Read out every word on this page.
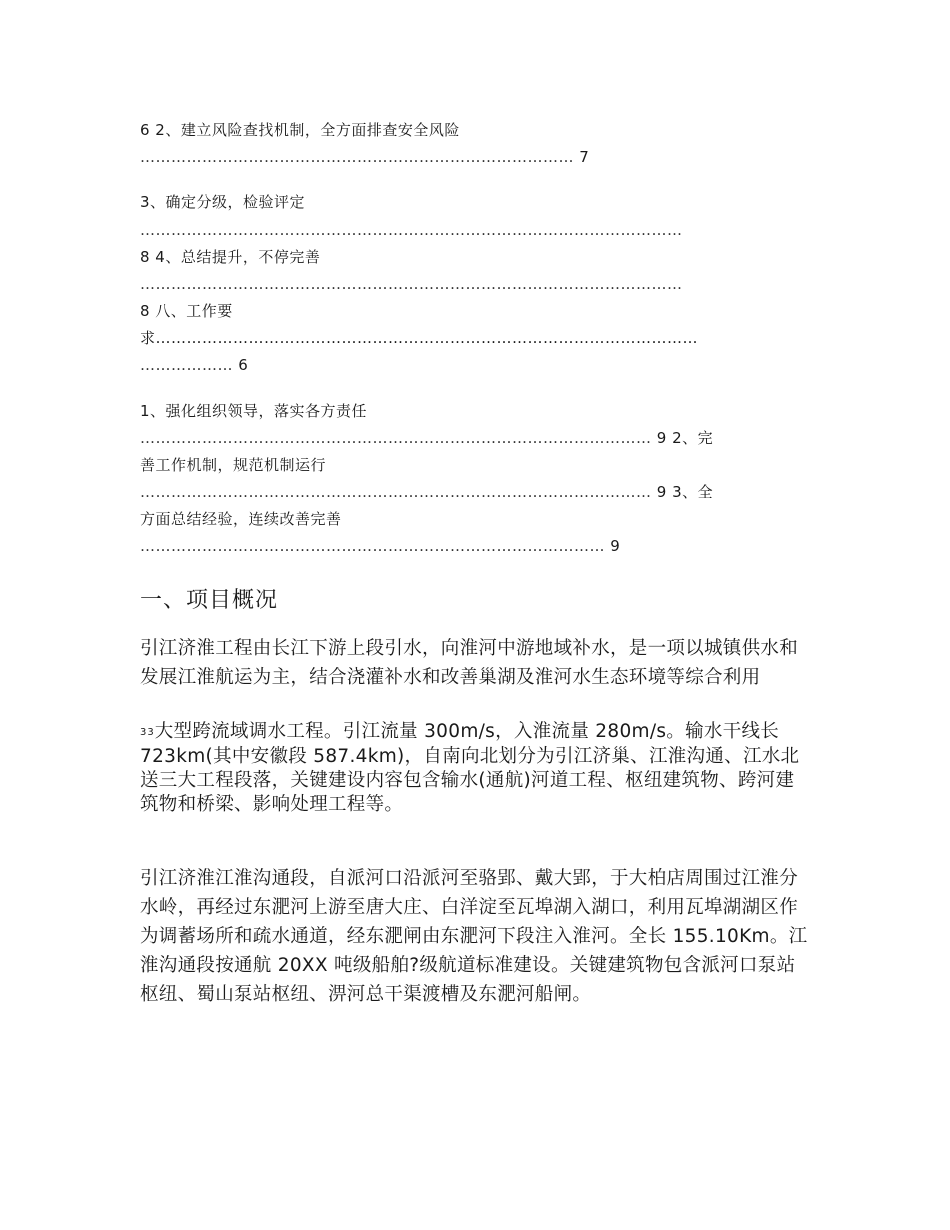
6 2、建立风险查找机制，全方面排查安全风险
………………………………………………………………………… 7
3、确定分级，检验评定
……………………………………………………………………………………………
8 4、总结提升，不停完善
……………………………………………………………………………………………
8 八、工作要
求……………………………………………………………………………………………
……………… 6
1、强化组织领导，落实各方责任
……………………………………………………………………………………… 9 2、完
善工作机制，规范机制运行
……………………………………………………………………………………… 9 3、全
方面总结经验，连续改善完善
……………………………………………………………………………… 9
一、项目概况

引江济淮工程由长江下游上段引水，向淮河中游地域补水，是一项以城镇供水和发展江淮航运为主，结合浇灌补水和改善巢湖及淮河水生态环境等综合利用

$^{33}$大型跨流域调水工程。引江流量 300m/s，入淮流量 280m/s。输水干线长 723km(其中安徽段 587.4km)，自南向北划分为引江济巢、江淮沟通、江水北送三大工程段落，关键建设内容包含输水(通航)河道工程、枢纽建筑物、跨河建筑物和桥梁、影响处理工程等。

引江济淮江淮沟通段，自派河口沿派河至骆郢、戴大郢，于大柏店周围过江淮分水岭，再经过东淝河上游至唐大庄、白洋淀至瓦埠湖入湖口，利用瓦埠湖湖区作为调蓄场所和疏水通道，经东淝闸由东淝河下段注入淮河。全长 155.10Km。江淮沟通段按通航 20XX 吨级船舶?级航道标准建设。关键建筑物包含派河口泵站枢纽、蜀山泵站枢纽、淠河总干渠渡槽及东淝河船闸。
